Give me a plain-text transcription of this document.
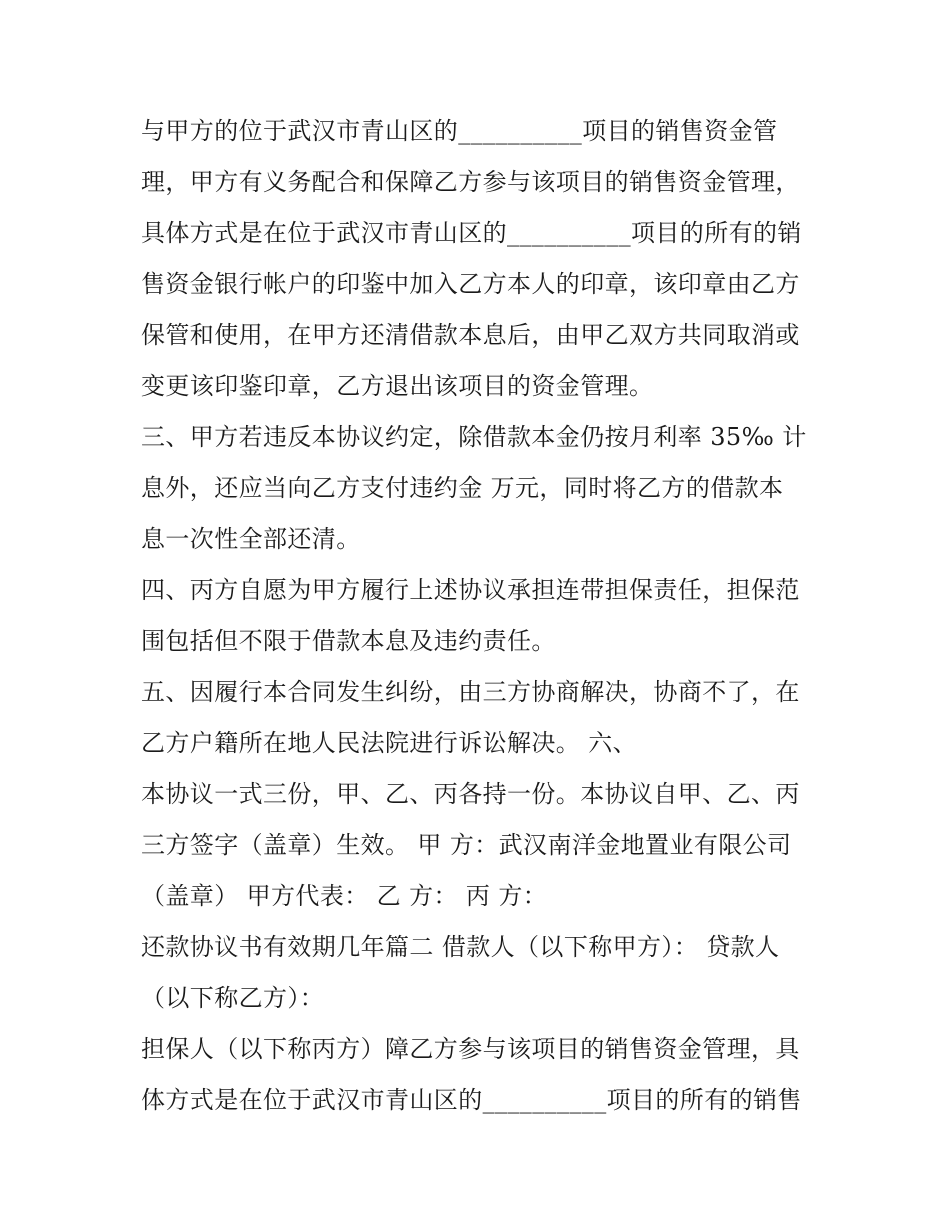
与甲方的位于武汉市青山区的__________项目的销售资金管
理，甲方有义务配合和保障乙方参与该项目的销售资金管理，
具体方式是在位于武汉市青山区的__________项目的所有的销
售资金银行帐户的印鉴中加入乙方本人的印章，该印章由乙方
保管和使用，在甲方还清借款本息后，由甲乙双方共同取消或
变更该印鉴印章，乙方退出该项目的资金管理。
三、甲方若违反本协议约定，除借款本金仍按月利率 35‰ 计
息外，还应当向乙方支付违约金 万元，同时将乙方的借款本
息一次性全部还清。
四、丙方自愿为甲方履行上述协议承担连带担保责任，担保范
围包括但不限于借款本息及违约责任。
五、因履行本合同发生纠纷，由三方协商解决，协商不了，在
乙方户籍所在地人民法院进行诉讼解决。 六、
本协议一式三份，甲、乙、丙各持一份。本协议自甲、乙、丙
三方签字（盖章）生效。 甲 方：武汉南洋金地置业有限公司
（盖章） 甲方代表： 乙 方： 丙 方：
还款协议书有效期几年篇二 借款人（以下称甲方）： 贷款人
（以下称乙方）：
担保人（以下称丙方）障乙方参与该项目的销售资金管理，具
体方式是在位于武汉市青山区的__________项目的所有的销售
